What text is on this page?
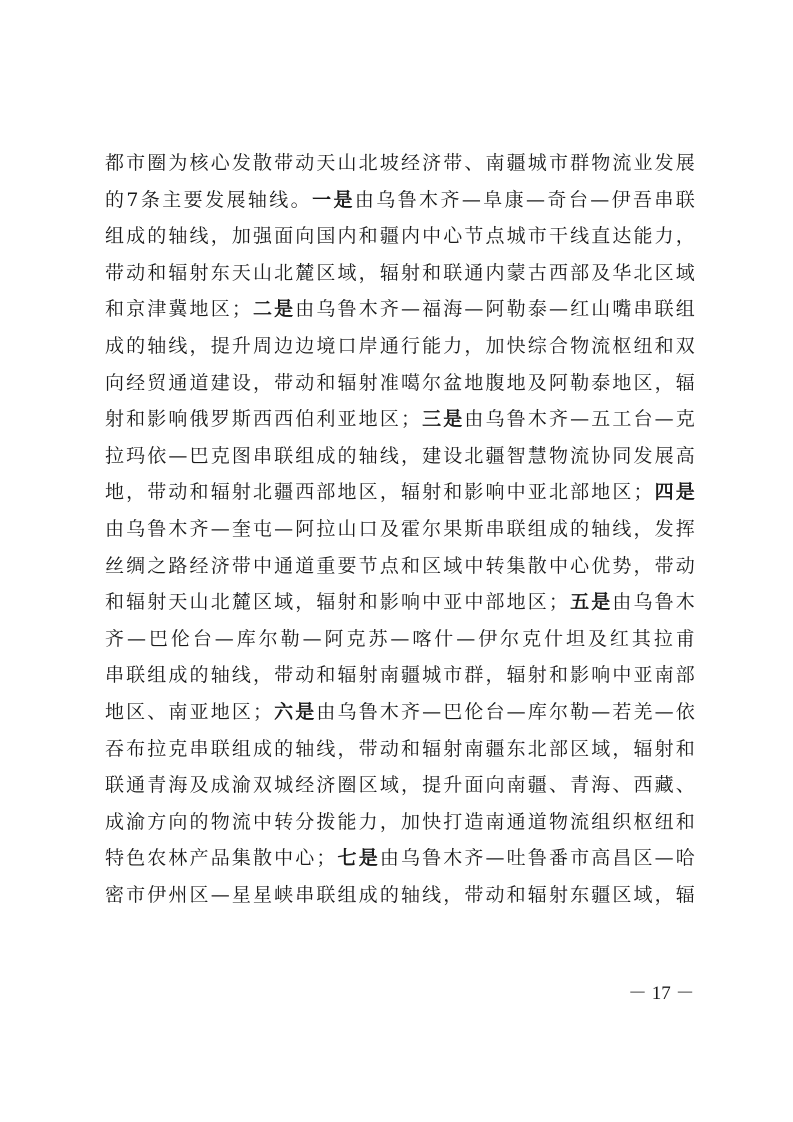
都市圈为核心发散带动天山北坡经济带、南疆城市群物流业发展
的7条主要发展轴线。一是由乌鲁木齐—阜康—奇台—伊吾串联
组成的轴线，加强面向国内和疆内中心节点城市干线直达能力，
带动和辐射东天山北麓区域，辐射和联通内蒙古西部及华北区域
和京津冀地区；二是由乌鲁木齐—福海—阿勒泰—红山嘴串联组
成的轴线，提升周边边境口岸通行能力，加快综合物流枢纽和双
向经贸通道建设，带动和辐射准噶尔盆地腹地及阿勒泰地区，辐
射和影响俄罗斯西西伯利亚地区；三是由乌鲁木齐—五工台—克
拉玛依—巴克图串联组成的轴线，建设北疆智慧物流协同发展高
地，带动和辐射北疆西部地区，辐射和影响中亚北部地区；四是
由乌鲁木齐—奎屯—阿拉山口及霍尔果斯串联组成的轴线，发挥
丝绸之路经济带中通道重要节点和区域中转集散中心优势，带动
和辐射天山北麓区域，辐射和影响中亚中部地区；五是由乌鲁木
齐—巴伦台—库尔勒—阿克苏—喀什—伊尔克什坦及红其拉甫
串联组成的轴线，带动和辐射南疆城市群，辐射和影响中亚南部
地区、南亚地区；六是由乌鲁木齐—巴伦台—库尔勒—若羌—依
吞布拉克串联组成的轴线，带动和辐射南疆东北部区域，辐射和
联通青海及成渝双城经济圈区域，提升面向南疆、青海、西藏、
成渝方向的物流中转分拨能力，加快打造南通道物流组织枢纽和
特色农林产品集散中心；七是由乌鲁木齐—吐鲁番市高昌区—哈
密市伊州区—星星峡串联组成的轴线，带动和辐射东疆区域，辐
－ 17 －
